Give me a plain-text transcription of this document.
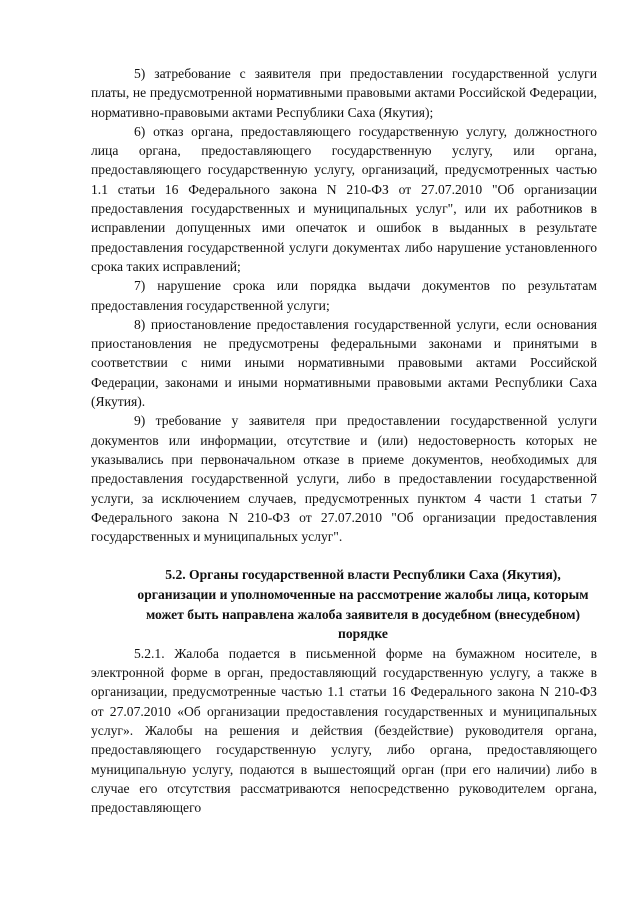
5) затребование с заявителя при предоставлении государственной услуги платы, не предусмотренной нормативными правовыми актами Российской Федерации, нормативно-правовыми актами Республики Саха (Якутия);

6) отказ органа, предоставляющего государственную услугу, должностного лица органа, предоставляющего государственную услугу, или органа, предоставляющего государственную услугу, организаций, предусмотренных частью 1.1 статьи 16 Федерального закона N 210-ФЗ от 27.07.2010 "Об организации предоставления государственных и муниципальных услуг", или их работников в исправлении допущенных ими опечаток и ошибок в выданных в результате предоставления государственной услуги документах либо нарушение установленного срока таких исправлений;

7) нарушение срока или порядка выдачи документов по результатам предоставления государственной услуги;

8) приостановление предоставления государственной услуги, если основания приостановления не предусмотрены федеральными законами и принятыми в соответствии с ними иными нормативными правовыми актами Российской Федерации, законами и иными нормативными правовыми актами Республики Саха (Якутия).

9) требование у заявителя при предоставлении государственной услуги документов или информации, отсутствие и (или) недостоверность которых не указывались при первоначальном отказе в приеме документов, необходимых для предоставления государственной услуги, либо в предоставлении государственной услуги, за исключением случаев, предусмотренных пунктом 4 части 1 статьи 7 Федерального закона N 210-ФЗ от 27.07.2010 "Об организации предоставления государственных и муниципальных услуг".

5.2. Органы государственной власти Республики Саха (Якутия), организации и уполномоченные на рассмотрение жалобы лица, которым может быть направлена жалоба заявителя в досудебном (внесудебном) порядке

5.2.1. Жалоба подается в письменной форме на бумажном носителе, в электронной форме в орган, предоставляющий государственную услугу, а также в организации, предусмотренные частью 1.1 статьи 16 Федерального закона N 210-ФЗ от 27.07.2010 «Об организации предоставления государственных и муниципальных услуг». Жалобы на решения и действия (бездействие) руководителя органа, предоставляющего государственную услугу, либо органа, предоставляющего муниципальную услугу, подаются в вышестоящий орган (при его наличии) либо в случае его отсутствия рассматриваются непосредственно руководителем органа, предоставляющего
